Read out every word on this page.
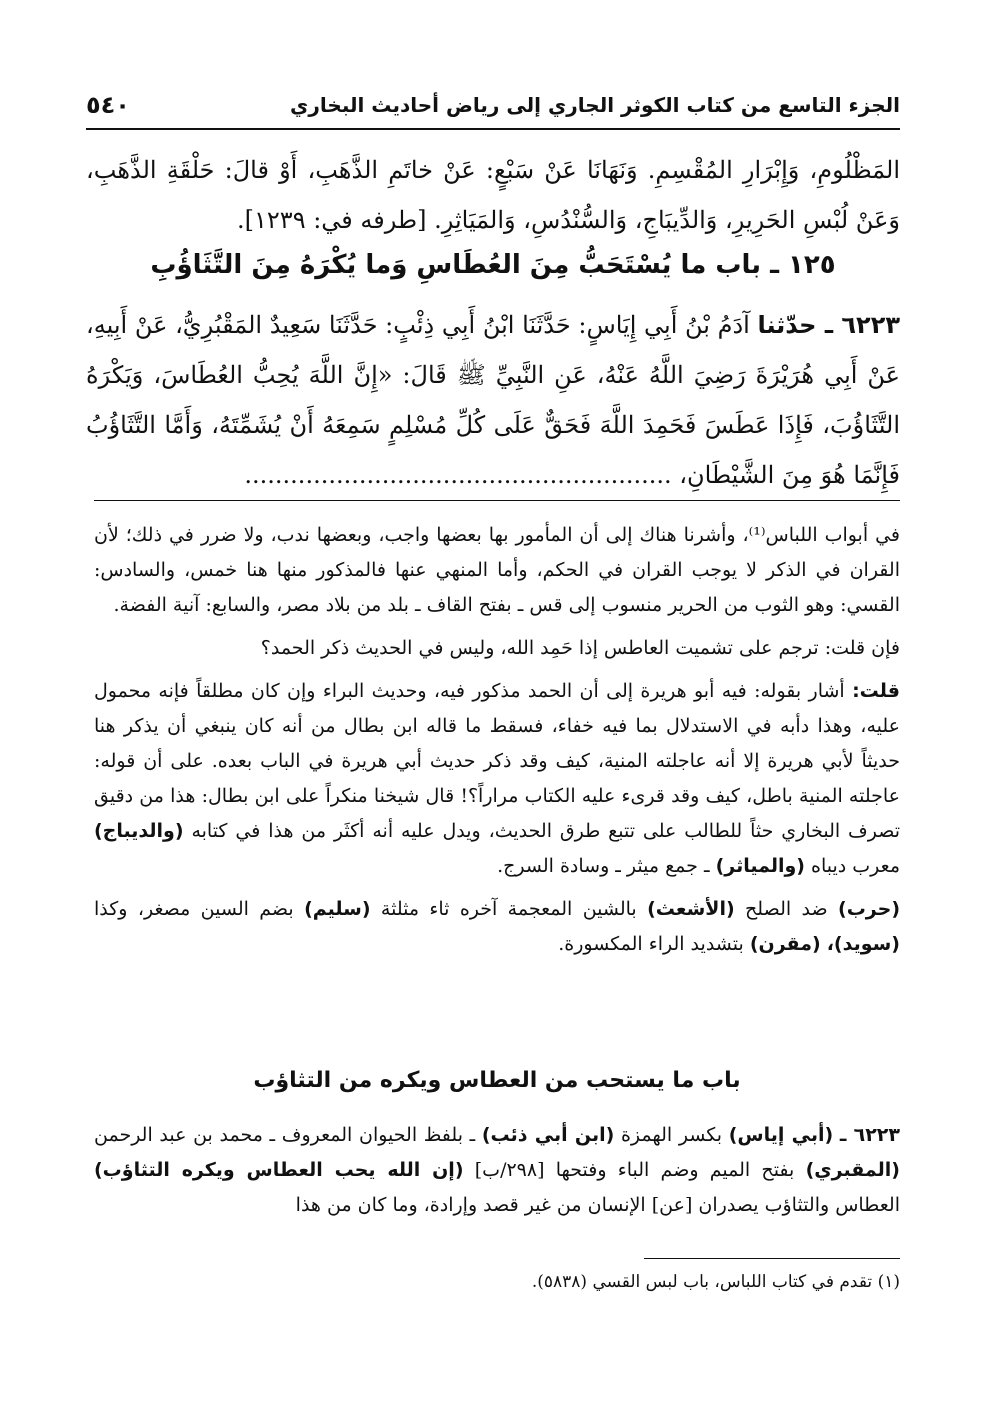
الجزء التاسع من كتاب الكوثر الجاري إلى رياض أحاديث البخاري
٥٤٠

المَظْلُومِ، وَإِبْرَارِ المُقْسِمِ. وَنَهَانَا عَنْ سَبْعٍ: عَنْ خاتَمِ الذَّهَبِ، أَوْ قالَ: حَلْقَةِ الذَّهَبِ، وَعَنْ لُبْسِ الحَرِيرِ، وَالدِّيبَاجِ، وَالسُّنْدُسِ، وَالمَيَاثِرِ. [طرفه في: ١٢٣٩].

١٢٥ ـ باب ما يُسْتَحَبُّ مِنَ العُطَاسِ وَما يُكْرَهُ مِنَ التَّثَاؤُبِ

٦٢٢٣ ـ حدّثنا آدَمُ بْنُ أَبِي إِيَاسٍ: حَدَّثَنَا ابْنُ أَبِي ذِئْبٍ: حَدَّثَنَا سَعِيدٌ المَقْبُرِيُّ، عَنْ أَبِيهِ، عَنْ أَبِي هُرَيْرَةَ رَضِيَ اللَّهُ عَنْهُ، عَنِ النَّبِيِّ ﷺ قَالَ: «إِنَّ اللَّهَ يُحِبُّ العُطَاسَ، وَيَكْرَهُ التَّثَاؤُبَ، فَإِذَا عَطَسَ فَحَمِدَ اللَّهَ فَحَقٌّ عَلَى كُلِّ مُسْلِمٍ سَمِعَهُ أَنْ يُشَمِّتَهُ، وَأَمَّا التَّثَاؤُبُ فَإِنَّمَا هُوَ مِنَ الشَّيْطَانِ، ........................................................

في أبواب اللباس⁽¹⁾، وأشرنا هناك إلى أن المأمور بها بعضها واجب، وبعضها ندب، ولا ضرر في ذلك؛ لأن القران في الذكر لا يوجب القران في الحكم، وأما المنهي عنها فالمذكور منها هنا خمس، والسادس: القسي: وهو الثوب من الحرير منسوب إلى قس ـ بفتح القاف ـ بلد من بلاد مصر، والسابع: آنية الفضة.

فإن قلت: ترجم على تشميت العاطس إذا حَمِد الله، وليس في الحديث ذكر الحمد؟

قلت: أشار بقوله: فيه أبو هريرة إلى أن الحمد مذكور فيه، وحديث البراء وإن كان مطلقاً فإنه محمول عليه، وهذا دأبه في الاستدلال بما فيه خفاء، فسقط ما قاله ابن بطال من أنه كان ينبغي أن يذكر هنا حديثاً لأبي هريرة إلا أنه عاجلته المنية، كيف وقد ذكر حديث أبي هريرة في الباب بعده. على أن قوله: عاجلته المنية باطل، كيف وقد قرىء عليه الكتاب مراراً؟! قال شيخنا منكراً على ابن بطال: هذا من دقيق تصرف البخاري حثاً للطالب على تتبع طرق الحديث، ويدل عليه أنه أكثَر من هذا في كتابه (والديباج) معرب ديباه (والمياثر) ـ جمع ميثر ـ وسادة السرج.

(حرب) ضد الصلح (الأشعث) بالشين المعجمة آخره ثاء مثلثة (سليم) بضم السين مصغر، وكذا (سويد)، (مقرن) بتشديد الراء المكسورة.

باب ما يستحب من العطاس ويكره من التثاؤب

٦٢٢٣ ـ (أبي إياس) بكسر الهمزة (ابن أبي ذئب) ـ بلفظ الحيوان المعروف ـ محمد بن عبد الرحمن (المقبري) بفتح الميم وضم الباء وفتحها [٢٩٨/ب] (إن الله يحب العطاس ويكره التثاؤب) العطاس والتثاؤب يصدران [عن] الإنسان من غير قصد وإرادة، وما كان من هذا

(١) تقدم في كتاب اللباس، باب لبس القسي (٥٨٣٨).
